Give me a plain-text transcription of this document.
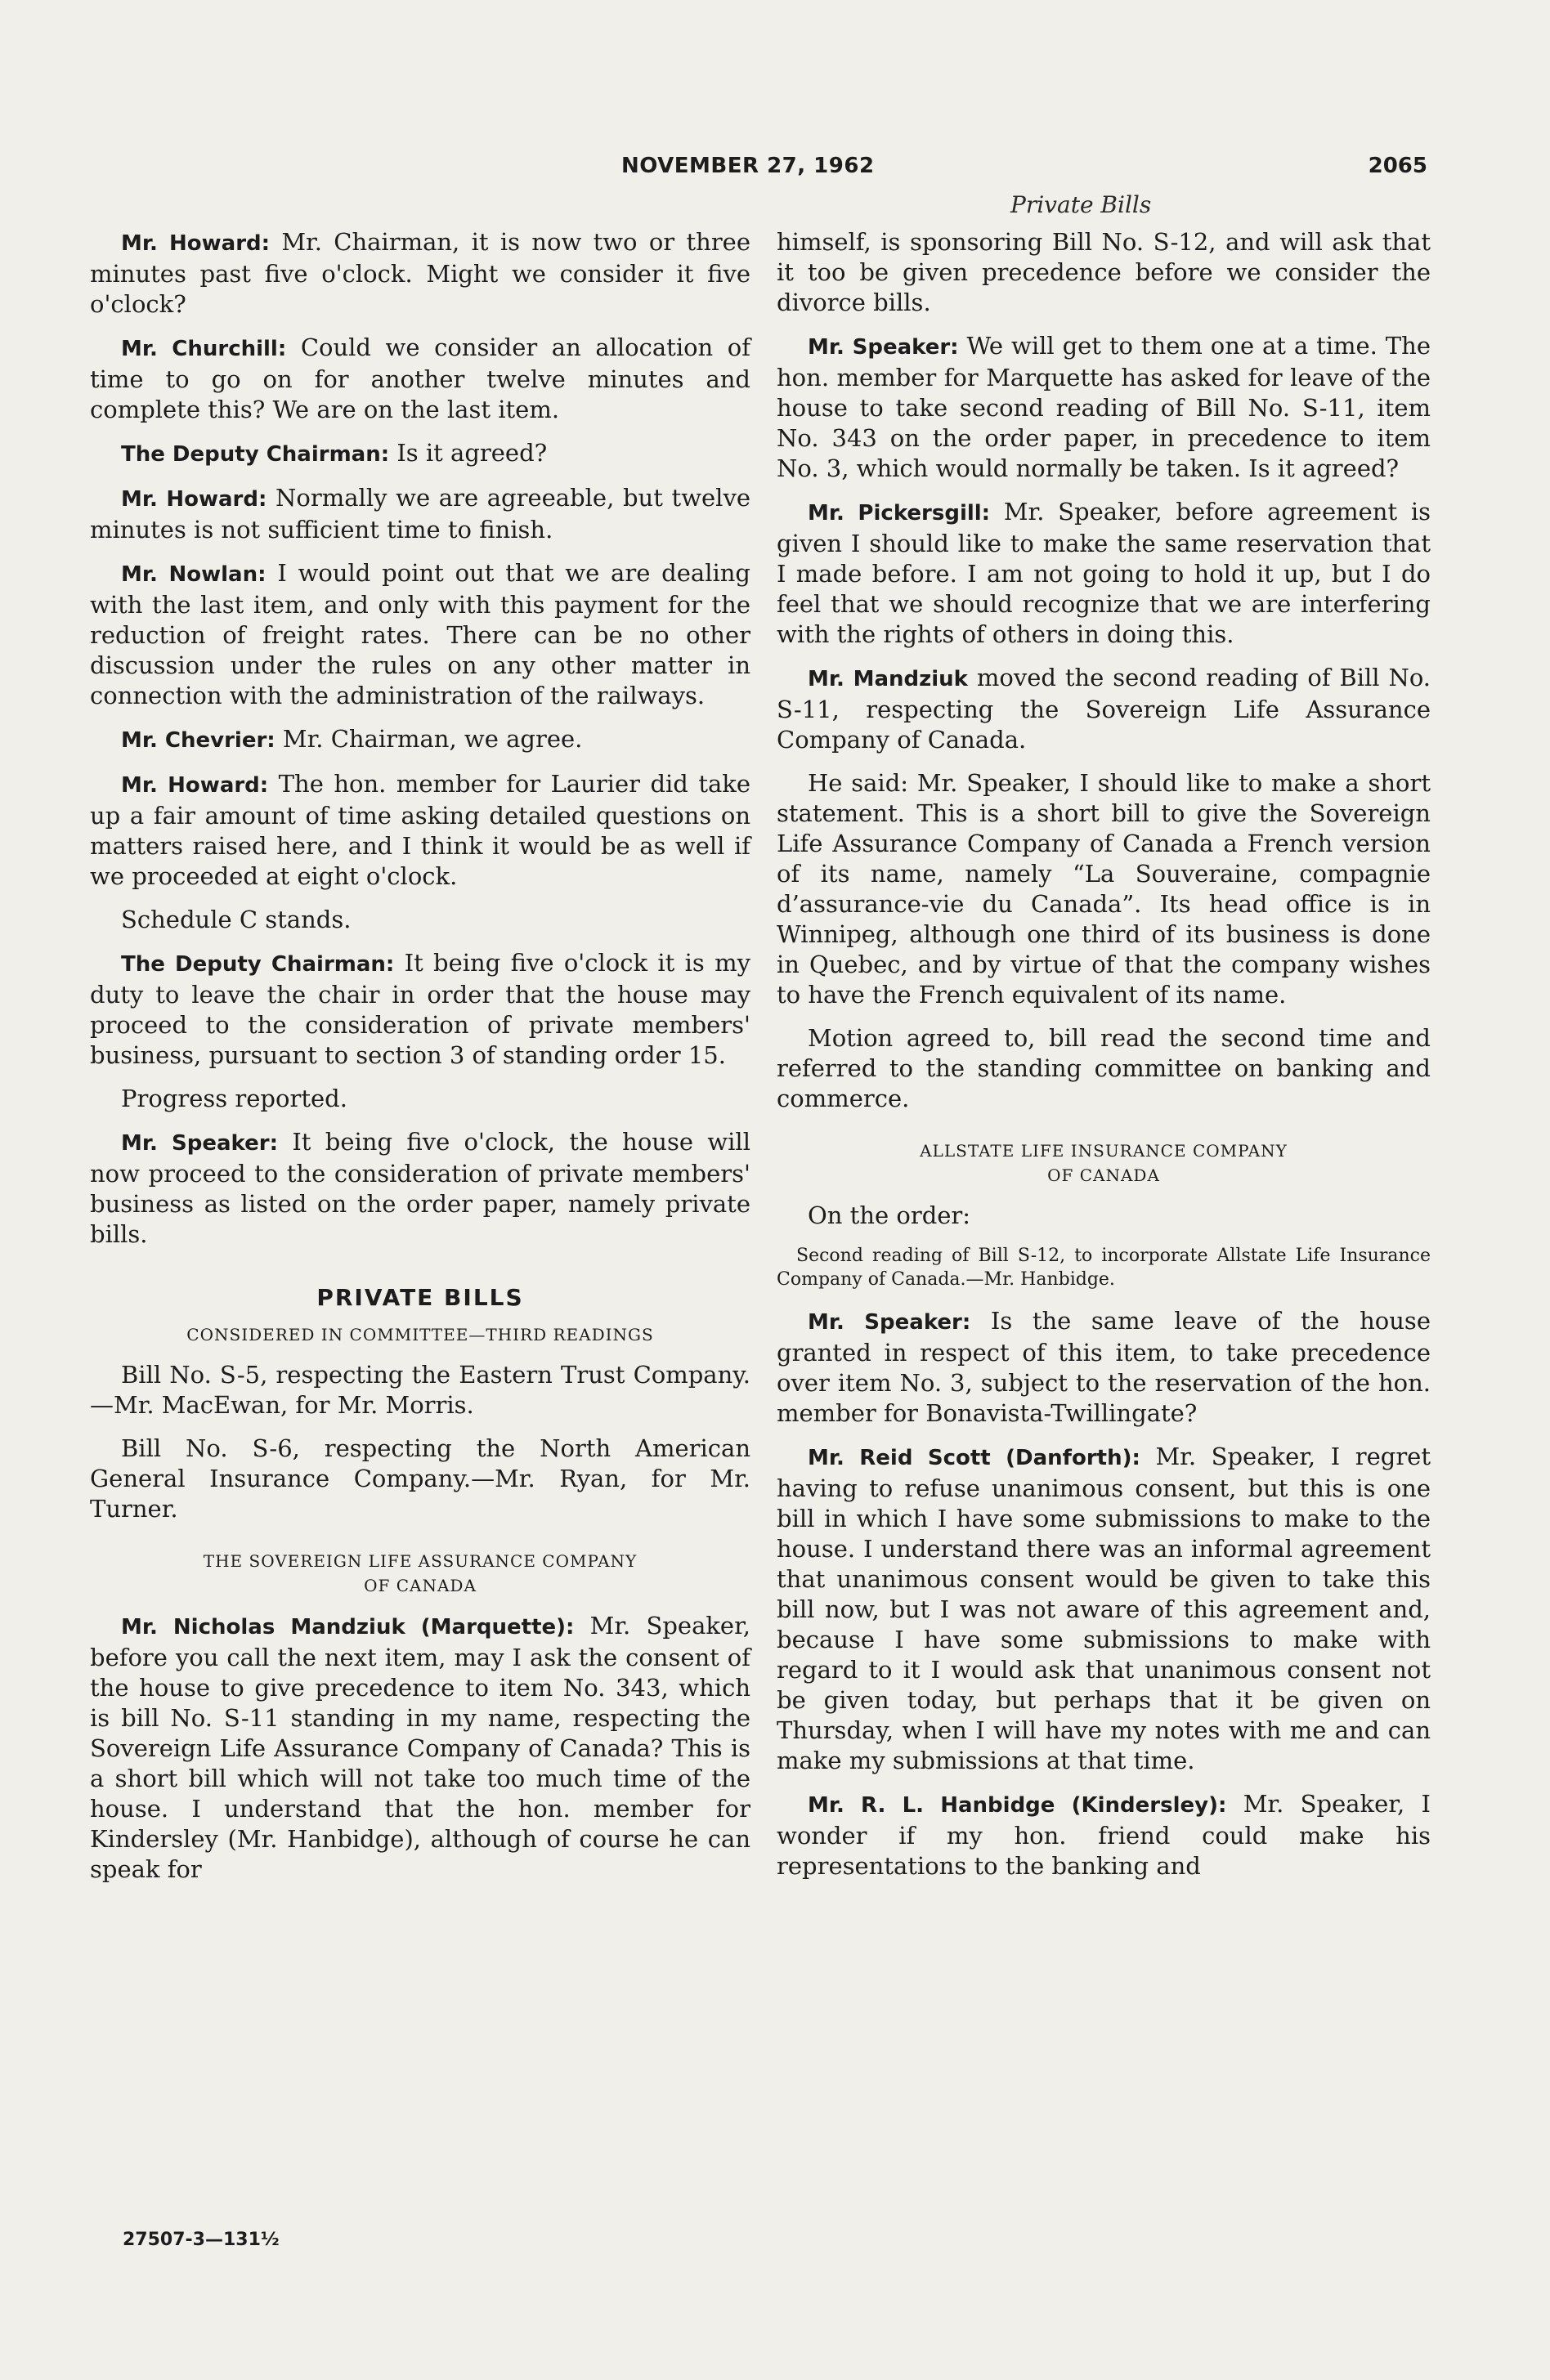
NOVEMBER 27, 1962	2065
Private Bills

Mr. Howard: Mr. Chairman, it is now two or three minutes past five o'clock. Might we consider it five o'clock?

Mr. Churchill: Could we consider an allocation of time to go on for another twelve minutes and complete this? We are on the last item.

The Deputy Chairman: Is it agreed?

Mr. Howard: Normally we are agreeable, but twelve minutes is not sufficient time to finish.

Mr. Nowlan: I would point out that we are dealing with the last item, and only with this payment for the reduction of freight rates. There can be no other discussion under the rules on any other matter in connection with the administration of the railways.

Mr. Chevrier: Mr. Chairman, we agree.

Mr. Howard: The hon. member for Laurier did take up a fair amount of time asking detailed questions on matters raised here, and I think it would be as well if we proceeded at eight o'clock.

Schedule C stands.

The Deputy Chairman: It being five o'clock it is my duty to leave the chair in order that the house may proceed to the consideration of private members' business, pursuant to section 3 of standing order 15.

Progress reported.

Mr. Speaker: It being five o'clock, the house will now proceed to the consideration of private members' business as listed on the order paper, namely private bills.

PRIVATE BILLS
CONSIDERED IN COMMITTEE—THIRD READINGS

Bill No. S-5, respecting the Eastern Trust Company.—Mr. MacEwan, for Mr. Morris.

Bill No. S-6, respecting the North American General Insurance Company.—Mr. Ryan, for Mr. Turner.

THE SOVEREIGN LIFE ASSURANCE COMPANY
OF CANADA

Mr. Nicholas Mandziuk (Marquette): Mr. Speaker, before you call the next item, may I ask the consent of the house to give precedence to item No. 343, which is bill No. S-11 standing in my name, respecting the Sovereign Life Assurance Company of Canada? This is a short bill which will not take too much time of the house. I understand that the hon. member for Kindersley (Mr. Hanbidge), although of course he can speak for

himself, is sponsoring Bill No. S-12, and will ask that it too be given precedence before we consider the divorce bills.

Mr. Speaker: We will get to them one at a time. The hon. member for Marquette has asked for leave of the house to take second reading of Bill No. S-11, item No. 343 on the order paper, in precedence to item No. 3, which would normally be taken. Is it agreed?

Mr. Pickersgill: Mr. Speaker, before agreement is given I should like to make the same reservation that I made before. I am not going to hold it up, but I do feel that we should recognize that we are interfering with the rights of others in doing this.

Mr. Mandziuk moved the second reading of Bill No. S-11, respecting the Sovereign Life Assurance Company of Canada.

He said: Mr. Speaker, I should like to make a short statement. This is a short bill to give the Sovereign Life Assurance Company of Canada a French version of its name, namely “La Souveraine, compagnie d’assurance-vie du Canada”. Its head office is in Winnipeg, although one third of its business is done in Quebec, and by virtue of that the company wishes to have the French equivalent of its name.

Motion agreed to, bill read the second time and referred to the standing committee on banking and commerce.

ALLSTATE LIFE INSURANCE COMPANY
OF CANADA

On the order:

Second reading of Bill S-12, to incorporate Allstate Life Insurance Company of Canada.—Mr. Hanbidge.

Mr. Speaker: Is the same leave of the house granted in respect of this item, to take precedence over item No. 3, subject to the reservation of the hon. member for Bonavista-Twillingate?

Mr. Reid Scott (Danforth): Mr. Speaker, I regret having to refuse unanimous consent, but this is one bill in which I have some submissions to make to the house. I understand there was an informal agreement that unanimous consent would be given to take this bill now, but I was not aware of this agreement and, because I have some submissions to make with regard to it I would ask that unanimous consent not be given today, but perhaps that it be given on Thursday, when I will have my notes with me and can make my submissions at that time.

Mr. R. L. Hanbidge (Kindersley): Mr. Speaker, I wonder if my hon. friend could make his representations to the banking and

27507-3—131½
